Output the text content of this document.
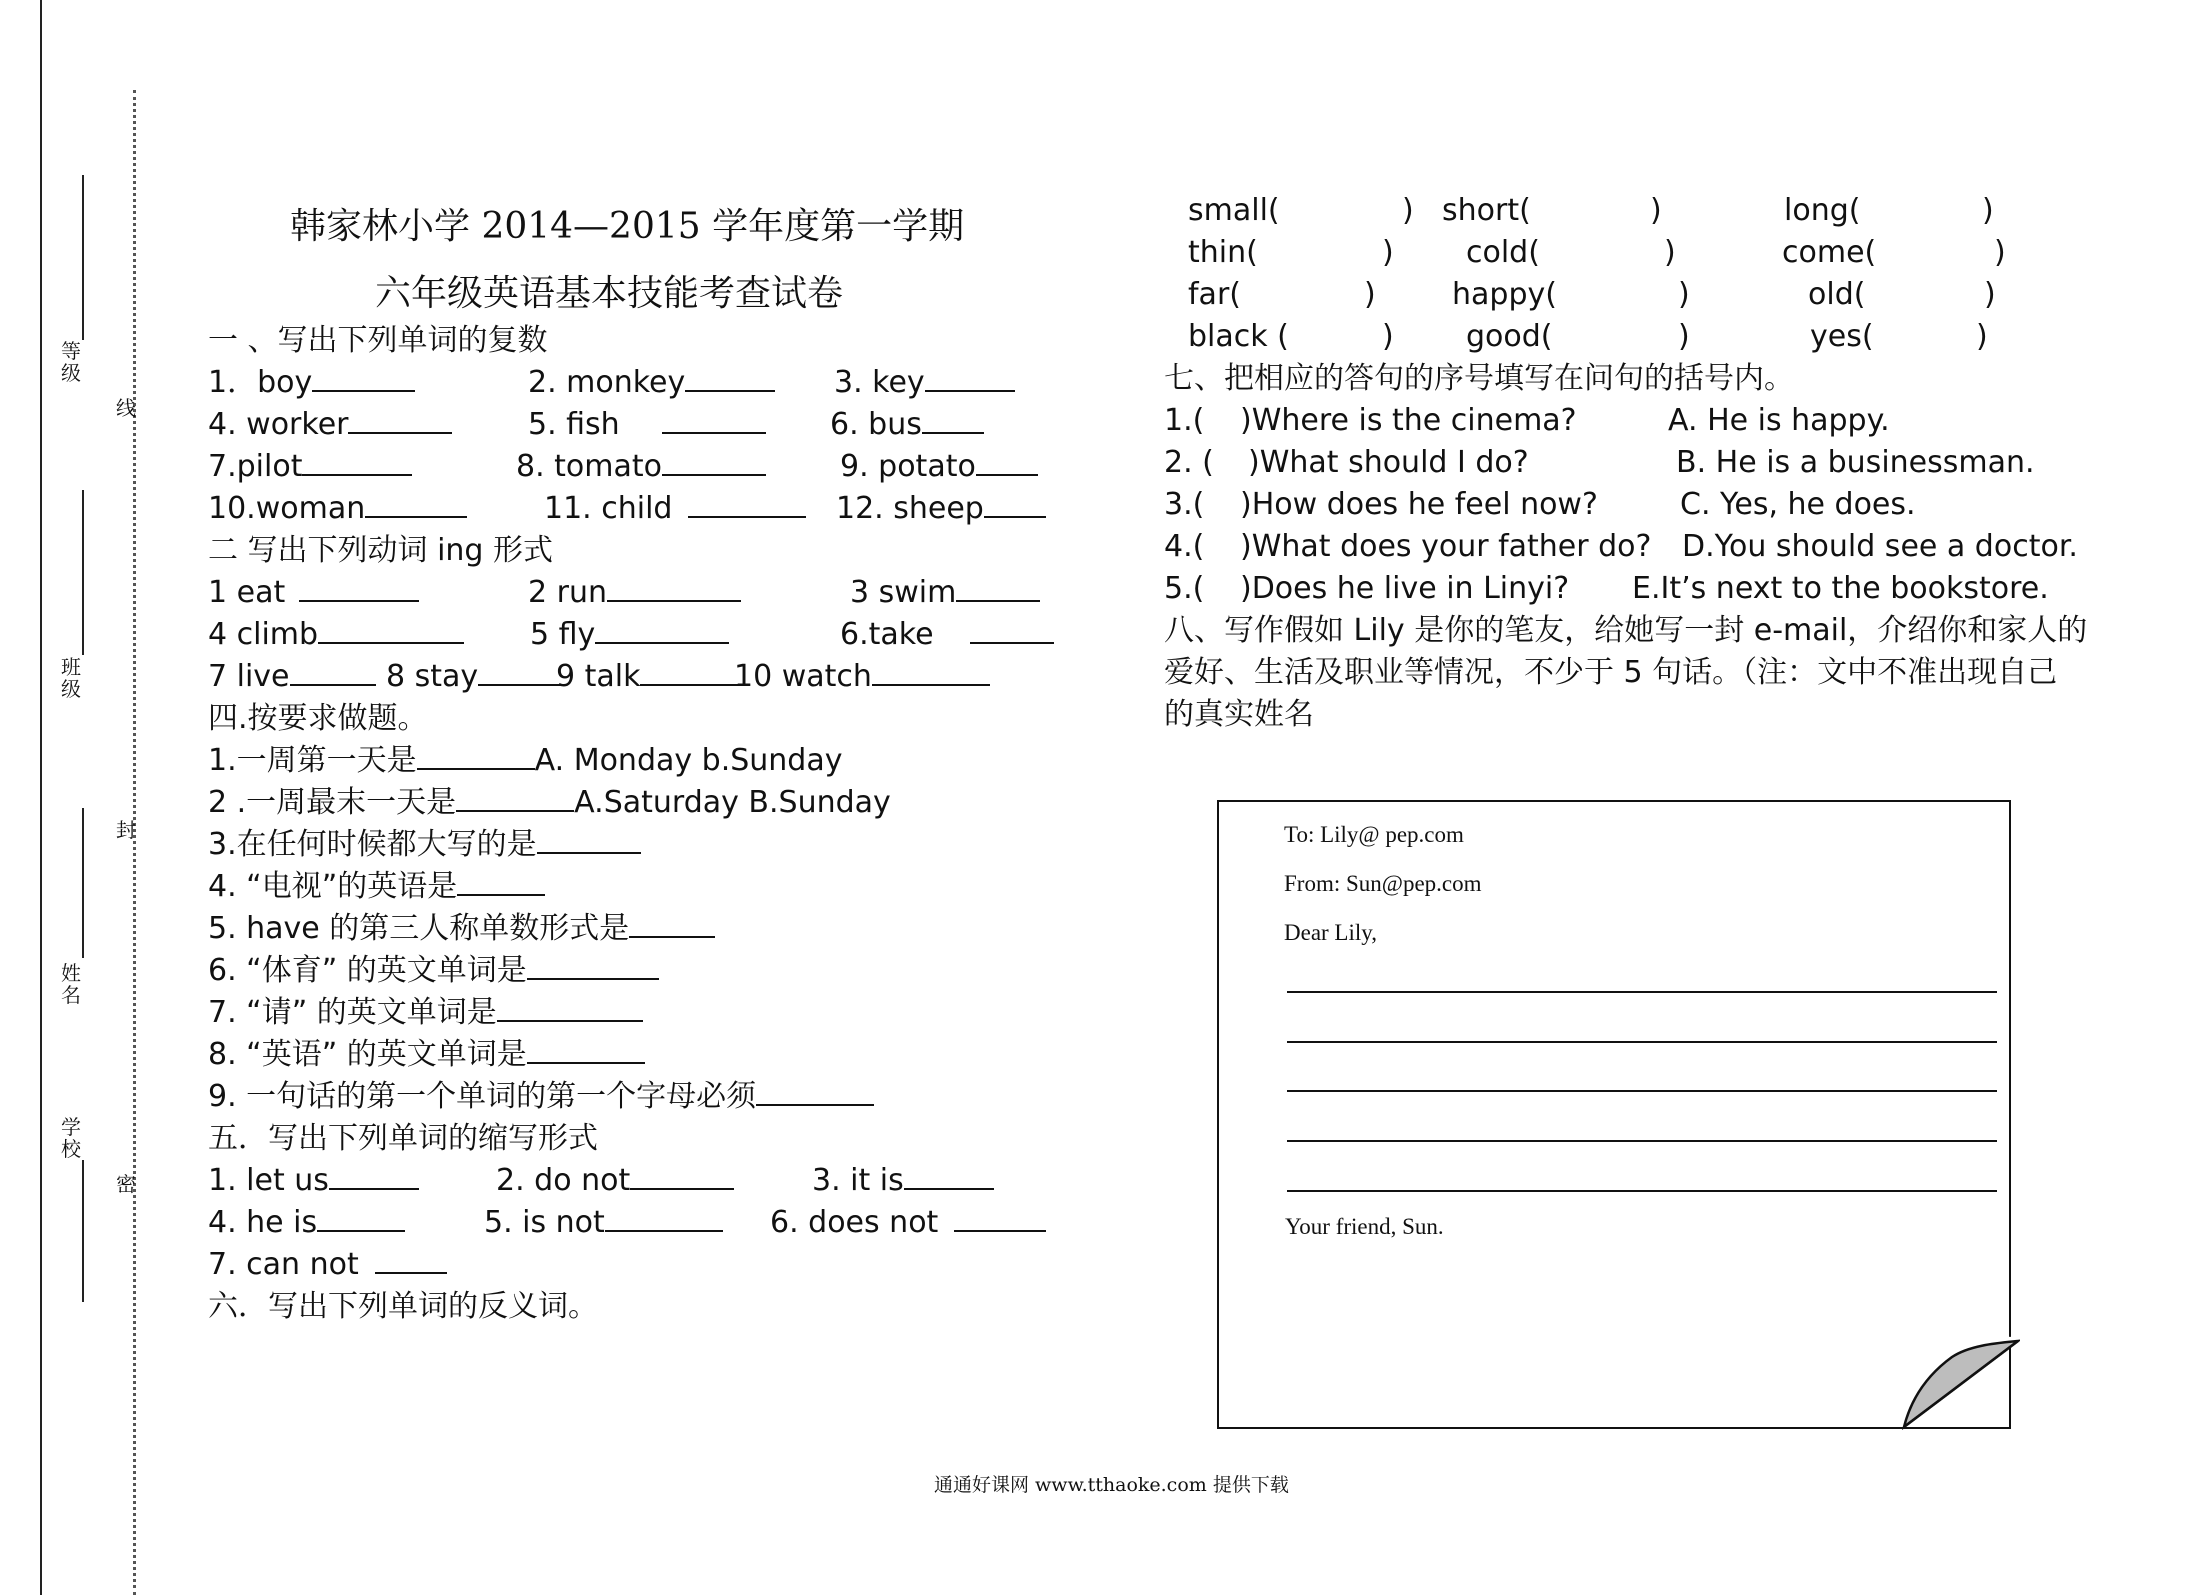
等级
班级
姓名
学校
线
封
密
韩家林小学 2014—2015 学年度第一学期
六年级英语基本技能考查试卷
一 、写出下列单词的复数
1．boy	2. monkey	3. key
4. worker	5. fish	6. bus
7.pilot	8. tomato	9. potato
10.woman	11. child	12. sheep
二 写出下列动词 ing 形式
1 eat	2 run	3 swim
4 climb	5 fly	6.take
7 live	8 stay	9 talk	10 watch
四.按要求做题。
1.一周第一天是	A. Monday b.Sunday
2 .一周最末一天是	A.Saturday B.Sunday
3.在任何时候都大写的是
4. “电视”的英语是
5. have 的第三人称单数形式是
6. “体育” 的英文单词是
7. “请” 的英文单词是
8. “英语” 的英文单词是
9. 一句话的第一个单词的第一个字母必须
五．写出下列单词的缩写形式
1. let us	2. do not	3. it is
4. he is	5. is not	6. does not
7. can not
六．写出下列单词的反义词。
small(	) short(	)	long(	)
thin(	) cold(	)	come(	)
far(	)	happy(	)	old(	)
black (	) good(	)	yes(	)
七、把相应的答句的序号填写在问句的括号内。
1.( )Where is the cinema?	A. He is happy.
2. ( )What should I do?	B. He is a businessman.
3.( )How does he feel now?	C. Yes, he does.
4.( )What does your father do? D.You should see a doctor.
5.( )Does he live in Linyi? E.It’s next to the bookstore.
八、写作假如 Lily 是你的笔友，给她写一封 e-mail，介绍你和家人的
爱好、生活及职业等情况，不少于 5 句话。（注：文中不准出现自己
的真实姓名
To: Lily@ pep.com
From: Sun@pep.com
Dear Lily,
Your friend, Sun.
通通好课网 www.tthaoke.com 提供下载
